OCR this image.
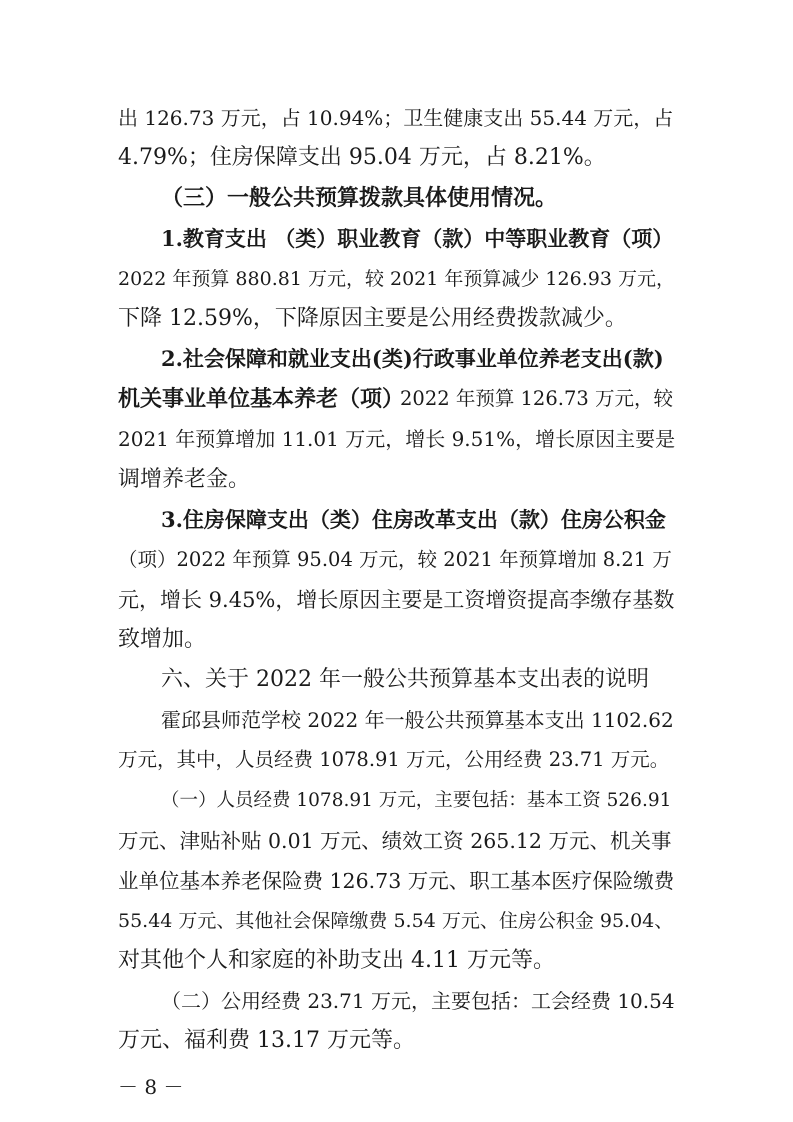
出 126.73 万元，占 10.94%；卫生健康支出 55.44 万元，占
4.79%；住房保障支出 95.04 万元，占 8.21%。
（三）一般公共预算拨款具体使用情况。
1.教育支出 （类）职业教育（款）中等职业教育（项）
2022 年预算 880.81 万元，较 2021 年预算减少 126.93 万元，
下降 12.59%，下降原因主要是公用经费拨款减少。
2.社会保障和就业支出(类)行政事业单位养老支出(款)
机关事业单位基本养老（项）
2022 年预算 126.73 万元，较
2021 年预算增加 11.01 万元，增长 9.51%，增长原因主要是
调增养老金。
3.住房保障支出（类）住房改革支出（款）住房公积金
（项）2022 年预算 95.04 万元，较 2021 年预算增加 8.21 万
元，增长 9.45%，增长原因主要是工资增资提高李缴存基数
致增加。
六、关于 2022 年一般公共预算基本支出表的说明
霍邱县师范学校 2022 年一般公共预算基本支出 1102.62
万元，其中，人员经费 1078.91 万元，公用经费 23.71 万元。
（一）人员经费 1078.91 万元，主要包括：基本工资 526.91
万元、津贴补贴 0.01 万元、绩效工资 265.12 万元、机关事
业单位基本养老保险费 126.73 万元、职工基本医疗保险缴费
55.44 万元、其他社会保障缴费 5.54 万元、住房公积金 95.04、
对其他个人和家庭的补助支出 4.11 万元等。
（二）公用经费 23.71 万元，主要包括：工会经费 10.54
万元、福利费 13.17 万元等。
－ 8 －
